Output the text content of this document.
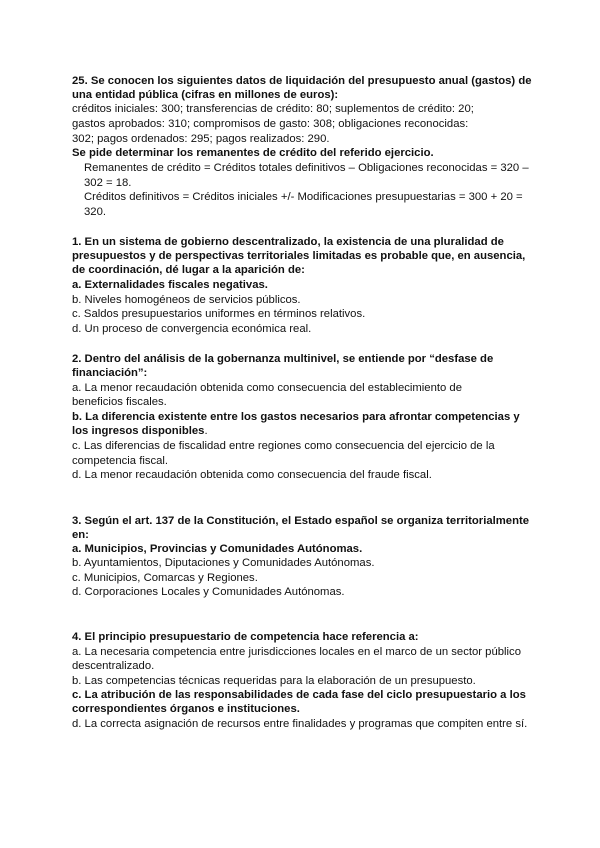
25. Se conocen los siguientes datos de liquidación del presupuesto anual (gastos) de
una entidad pública (cifras en millones de euros):
créditos iniciales: 300; transferencias de crédito: 80; suplementos de crédito: 20;
gastos aprobados: 310; compromisos de gasto: 308; obligaciones reconocidas:
302; pagos ordenados: 295; pagos realizados: 290.
Se pide determinar los remanentes de crédito del referido ejercicio.
Remanentes de crédito = Créditos totales definitivos – Obligaciones reconocidas = 320 –
302 = 18.
Créditos definitivos = Créditos iniciales +/- Modificaciones presupuestarias = 300 + 20 =
320.
1. En un sistema de gobierno descentralizado, la existencia de una pluralidad de
presupuestos y de perspectivas territoriales limitadas es probable que, en ausencia,
de coordinación, dé lugar a la aparición de:
a. Externalidades fiscales negativas.
b. Niveles homogéneos de servicios públicos.
c. Saldos presupuestarios uniformes en términos relativos.
d. Un proceso de convergencia económica real.
2. Dentro del análisis de la gobernanza multinivel, se entiende por “desfase de
financiación”:
a. La menor recaudación obtenida como consecuencia del establecimiento de
beneficios fiscales.
b. La diferencia existente entre los gastos necesarios para afrontar competencias y
los ingresos disponibles.
c. Las diferencias de fiscalidad entre regiones como consecuencia del ejercicio de la
competencia fiscal.
d. La menor recaudación obtenida como consecuencia del fraude fiscal.
3. Según el art. 137 de la Constitución, el Estado español se organiza territorialmente
en:
a. Municipios, Provincias y Comunidades Autónomas.
b. Ayuntamientos, Diputaciones y Comunidades Autónomas.
c. Municipios, Comarcas y Regiones.
d. Corporaciones Locales y Comunidades Autónomas.
4. El principio presupuestario de competencia hace referencia a:
a. La necesaria competencia entre jurisdicciones locales en el marco de un sector público
descentralizado.
b. Las competencias técnicas requeridas para la elaboración de un presupuesto.
c. La atribución de las responsabilidades de cada fase del ciclo presupuestario a los
correspondientes órganos e instituciones.
d. La correcta asignación de recursos entre finalidades y programas que compiten entre sí.
